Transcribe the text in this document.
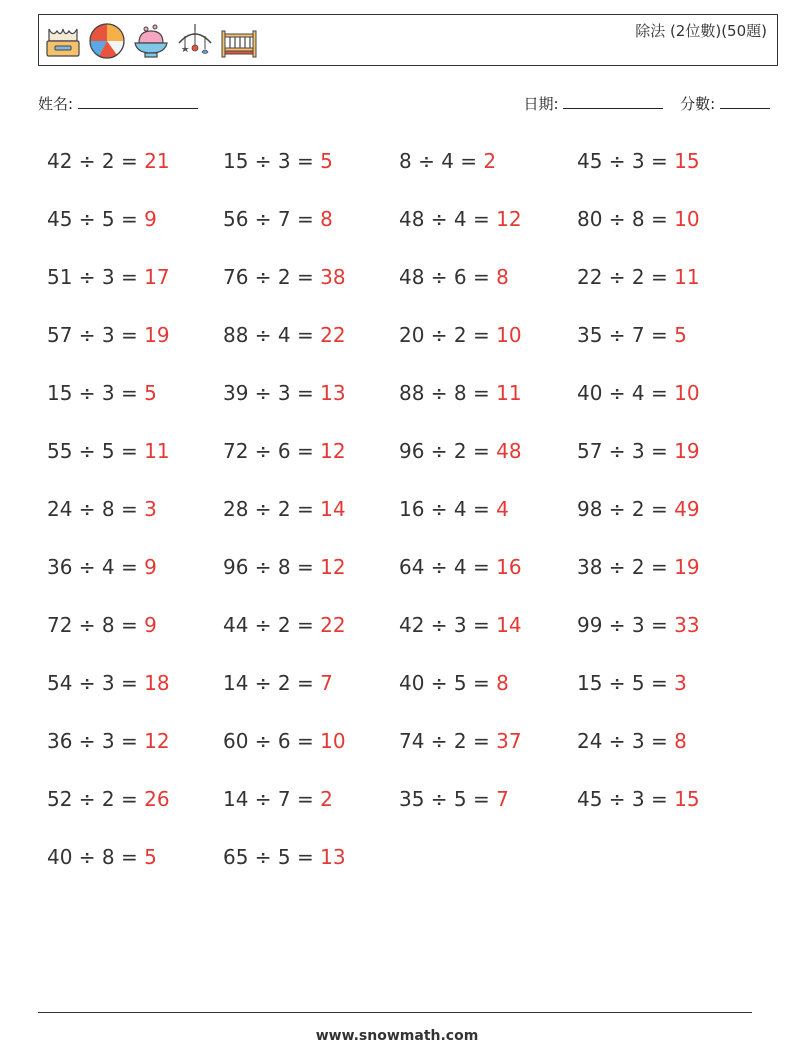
除法 (2位數)(50題)
姓名:	日期:	分數:
42 ÷ 2 = 21	15 ÷ 3 = 5	8 ÷ 4 = 2	45 ÷ 3 = 15
45 ÷ 5 = 9	56 ÷ 7 = 8	48 ÷ 4 = 12	80 ÷ 8 = 10
51 ÷ 3 = 17	76 ÷ 2 = 38	48 ÷ 6 = 8	22 ÷ 2 = 11
57 ÷ 3 = 19	88 ÷ 4 = 22	20 ÷ 2 = 10	35 ÷ 7 = 5
15 ÷ 3 = 5	39 ÷ 3 = 13	88 ÷ 8 = 11	40 ÷ 4 = 10
55 ÷ 5 = 11	72 ÷ 6 = 12	96 ÷ 2 = 48	57 ÷ 3 = 19
24 ÷ 8 = 3	28 ÷ 2 = 14	16 ÷ 4 = 4	98 ÷ 2 = 49
36 ÷ 4 = 9	96 ÷ 8 = 12	64 ÷ 4 = 16	38 ÷ 2 = 19
72 ÷ 8 = 9	44 ÷ 2 = 22	42 ÷ 3 = 14	99 ÷ 3 = 33
54 ÷ 3 = 18	14 ÷ 2 = 7	40 ÷ 5 = 8	15 ÷ 5 = 3
36 ÷ 3 = 12	60 ÷ 6 = 10	74 ÷ 2 = 37	24 ÷ 3 = 8
52 ÷ 2 = 26	14 ÷ 7 = 2	35 ÷ 5 = 7	45 ÷ 3 = 15
40 ÷ 8 = 5	65 ÷ 5 = 13
www.snowmath.com
